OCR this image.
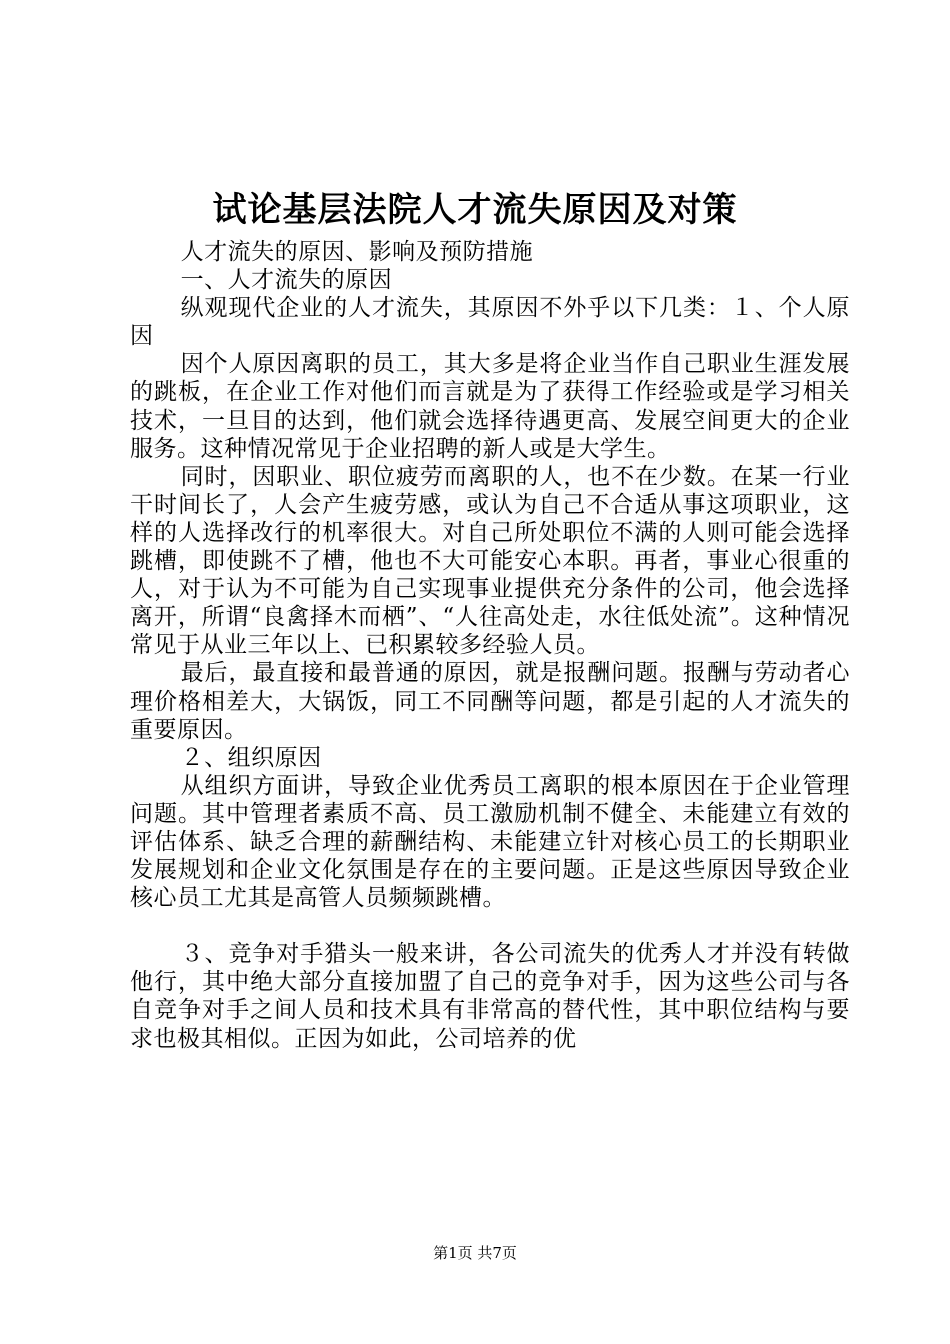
试论基层法院人才流失原因及对策

人才流失的原因、影响及预防措施

一、人才流失的原因

纵观现代企业的人才流失，其原因不外乎以下几类：１、个人原因

因个人原因离职的员工，其大多是将企业当作自己职业生涯发展的跳板，在企业工作对他们而言就是为了获得工作经验或是学习相关技术，一旦目的达到，他们就会选择待遇更高、发展空间更大的企业服务。这种情况常见于企业招聘的新人或是大学生。

同时，因职业、职位疲劳而离职的人，也不在少数。在某一行业干时间长了，人会产生疲劳感，或认为自己不合适从事这项职业，这样的人选择改行的机率很大。对自己所处职位不满的人则可能会选择跳槽，即使跳不了槽，他也不大可能安心本职。再者，事业心很重的人，对于认为不可能为自己实现事业提供充分条件的公司，他会选择离开，所谓“良禽择木而栖”、“人往高处走，水往低处流”。这种情况常见于从业三年以上、已积累较多经验人员。

最后，最直接和最普通的原因，就是报酬问题。报酬与劳动者心理价格相差大，大锅饭，同工不同酬等问题，都是引起的人才流失的重要原因。

２、组织原因

从组织方面讲，导致企业优秀员工离职的根本原因在于企业管理问题。其中管理者素质不高、员工激励机制不健全、未能建立有效的评估体系、缺乏合理的薪酬结构、未能建立针对核心员工的长期职业发展规划和企业文化氛围是存在的主要问题。正是这些原因导致企业核心员工尤其是高管人员频频跳槽。

３、竞争对手猎头一般来讲，各公司流失的优秀人才并没有转做他行，其中绝大部分直接加盟了自己的竞争对手，因为这些公司与各自竞争对手之间人员和技术具有非常高的替代性，其中职位结构与要求也极其相似。正因为如此，公司培养的优

第1页 共7页
